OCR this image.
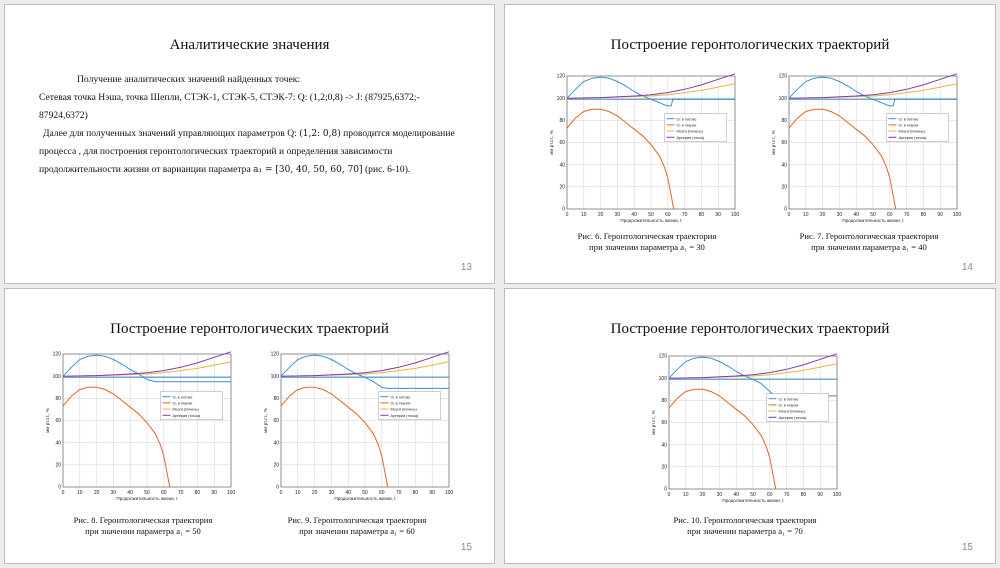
Аналитические значения

Получение аналитических значений найденных точек:

Сетевая точка Нэша, точка Шепли, СТЭК-1, СТЭК-5, СТЭК-7: Q: (1,2;0,8) -> J: (87925,6372;-

87924,6372)

Далее для полученных значений управляющих параметров Q: (1,2: 0,8) проводится моделирование

процесса , для построения геронтологических траекторий и определения зависимости

продолжительности жизни от варианции параметра a₁ = [30, 40, 50, 60, 70] (рис. 6-10).

13
Построение геронтологических траекторий
0	10 20 30 40 50 60 70 80 90 100
0
20
40
60
80
100
120
Продолжительность жизни, t
мм рт.ст., %
Oₓ в потоке
Oₓ в тканях
Мозги (печень)
Артерия (точка)
0	10 20 30 40 50 60 70 80 90 100
0
20
40
60
80
100
120
Продолжительность жизни, t
мм рт.ст., %
Oₓ в потоке
Oₓ в тканях
Мозги (печень)
Артерия (точка)
Рис. 6. Геронтологическая траектория
при значении параметра a₁ = 30
Рис. 7. Геронтологическая траектория
при значении параметра a₁ = 40
14
Построение геронтологических траекторий
0	10 20 30 40 50 60 70 80 90 100
0
20
40
60
80
100
120
Продолжительность жизни, t
мм рт.ст., %
Oₓ в потоке
Oₓ в тканях
Мозги (печень)
Артерия (точка)
0	10 20 30 40 50 60 70 80 90 100
0
20
40
60
80
100
120
Продолжительность жизни, t
мм рт.ст., %
Oₓ в потоке
Oₓ в тканях
Мозги (печень)
Артерия (точка)
Рис. 8. Геронтологическая траектория
при значении параметра a₁ = 50
Рис. 9. Геронтологическая траектория
при значении параметра a₁ = 60
15
Построение геронтологических траекторий
0	10 20 30 40 50 60 70 80 90 100
0
20
40
60
80
100
120
Продолжительность жизни, t
мм рт.ст., %
Oₓ в потоке
Oₓ в тканях
Мозги (печень)
Артерия (точка)
Рис. 10. Геронтологическая траектория
при значении параметра a₁ = 70
15
